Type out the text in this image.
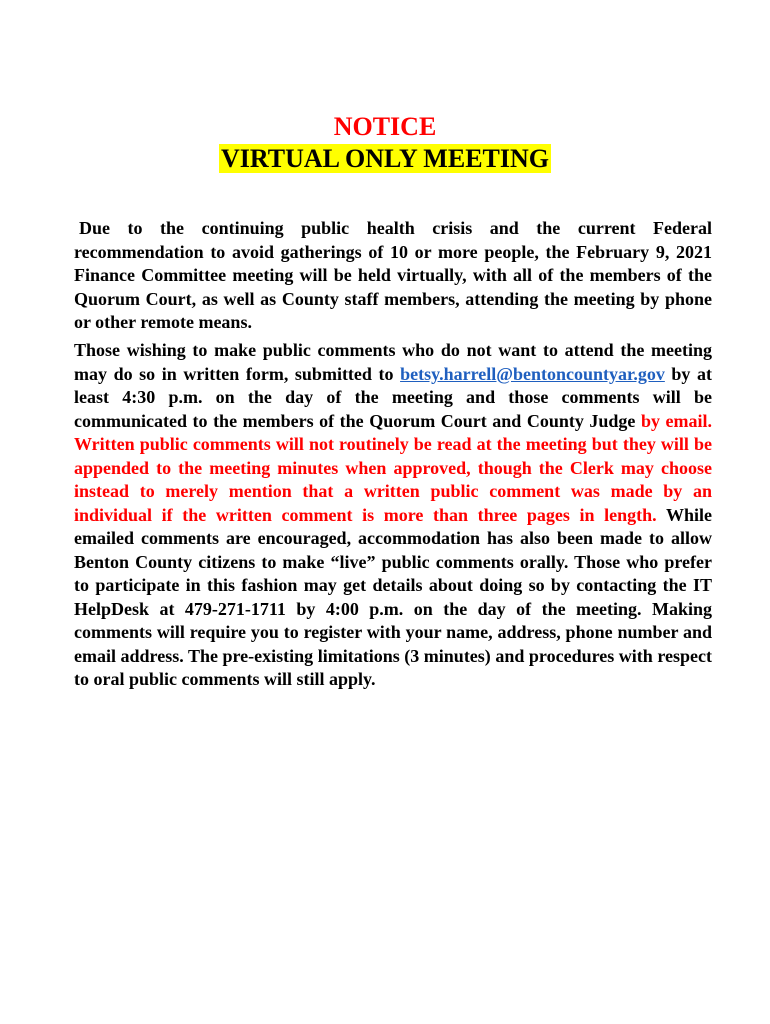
NOTICE
VIRTUAL ONLY MEETING
Due to the continuing public health crisis and the current Federal recommendation to avoid gatherings of 10 or more people, the February 9, 2021 Finance Committee meeting will be held virtually, with all of the members of the Quorum Court, as well as County staff members, attending the meeting by phone or other remote means.
Those wishing to make public comments who do not want to attend the meeting may do so in written form, submitted to betsy.harrell@bentoncountyar.gov by at least 4:30 p.m. on the day of the meeting and those comments will be communicated to the members of the Quorum Court and County Judge by email. Written public comments will not routinely be read at the meeting but they will be appended to the meeting minutes when approved, though the Clerk may choose instead to merely mention that a written public comment was made by an individual if the written comment is more than three pages in length. While emailed comments are encouraged, accommodation has also been made to allow Benton County citizens to make “live” public comments orally. Those who prefer to participate in this fashion may get details about doing so by contacting the IT HelpDesk at 479-271-1711 by 4:00 p.m. on the day of the meeting. Making comments will require you to register with your name, address, phone number and email address. The pre-existing limitations (3 minutes) and procedures with respect to oral public comments will still apply.
